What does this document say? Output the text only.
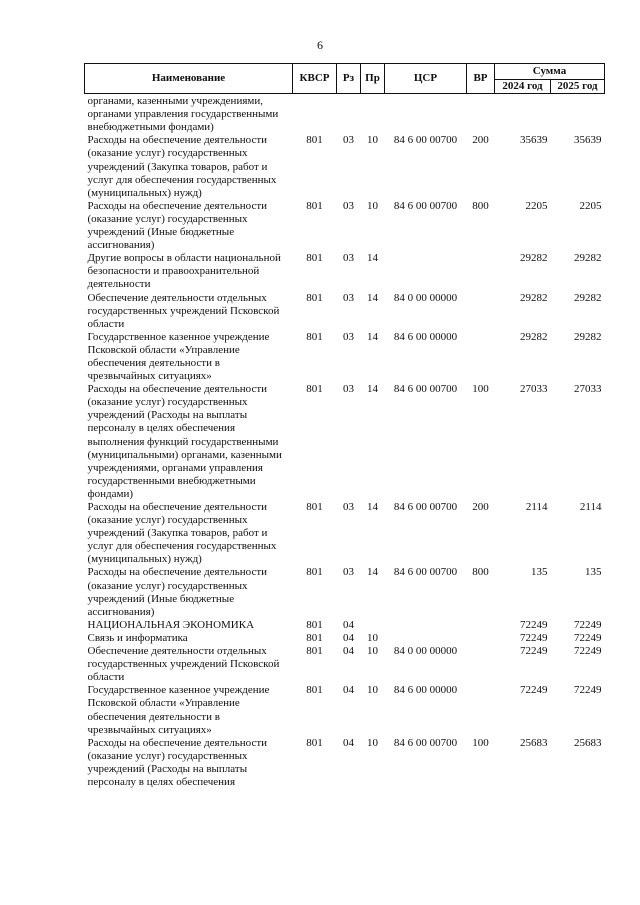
6
Наименование	КВСР	Рз	Пр	ЦСР	ВР	Сумма	
						2024 год	2025 год
органами, казенными учреждениями, органами управления государственными внебюджетными фондами)							
Расходы на обеспечение деятельности (оказание услуг) государственных учреждений (Закупка товаров, работ и услуг для обеспечения государственных (муниципальных) нужд)	801	03	10	84 6 00 00700	200	35639	35639
Расходы на обеспечение деятельности (оказание услуг) государственных учреждений (Иные бюджетные ассигнования)	801	03	10	84 6 00 00700	800	2205	2205
Другие вопросы в области национальной безопасности и правоохранительной деятельности	801	03	14			29282	29282
Обеспечение деятельности отдельных государственных учреждений Псковской области	801	03	14	84 0 00 00000		29282	29282
Государственное казенное учреждение Псковской области «Управление обеспечения деятельности в чрезвычайных ситуациях»	801	03	14	84 6 00 00000		29282	29282
Расходы на обеспечение деятельности (оказание услуг) государственных учреждений (Расходы на выплаты персоналу в целях обеспечения выполнения функций государственными (муниципальными) органами, казенными учреждениями, органами управления государственными внебюджетными фондами)	801	03	14	84 6 00 00700	100	27033	27033
Расходы на обеспечение деятельности (оказание услуг) государственных учреждений (Закупка товаров, работ и услуг для обеспечения государственных (муниципальных) нужд)	801	03	14	84 6 00 00700	200	2114	2114
Расходы на обеспечение деятельности (оказание услуг) государственных учреждений (Иные бюджетные ассигнования)	801	03	14	84 6 00 00700	800	135	135
НАЦИОНАЛЬНАЯ ЭКОНОМИКА	801	04				72249	72249
Связь и информатика	801	04	10			72249	72249
Обеспечение деятельности отдельных государственных учреждений Псковской области	801	04	10	84 0 00 00000		72249	72249
Государственное казенное учреждение Псковской области «Управление обеспечения деятельности в чрезвычайных ситуациях»	801	04	10	84 6 00 00000		72249	72249
Расходы на обеспечение деятельности (оказание услуг) государственных учреждений (Расходы на выплаты персоналу в целях обеспечения	801	04	10	84 6 00 00700	100	25683	25683
